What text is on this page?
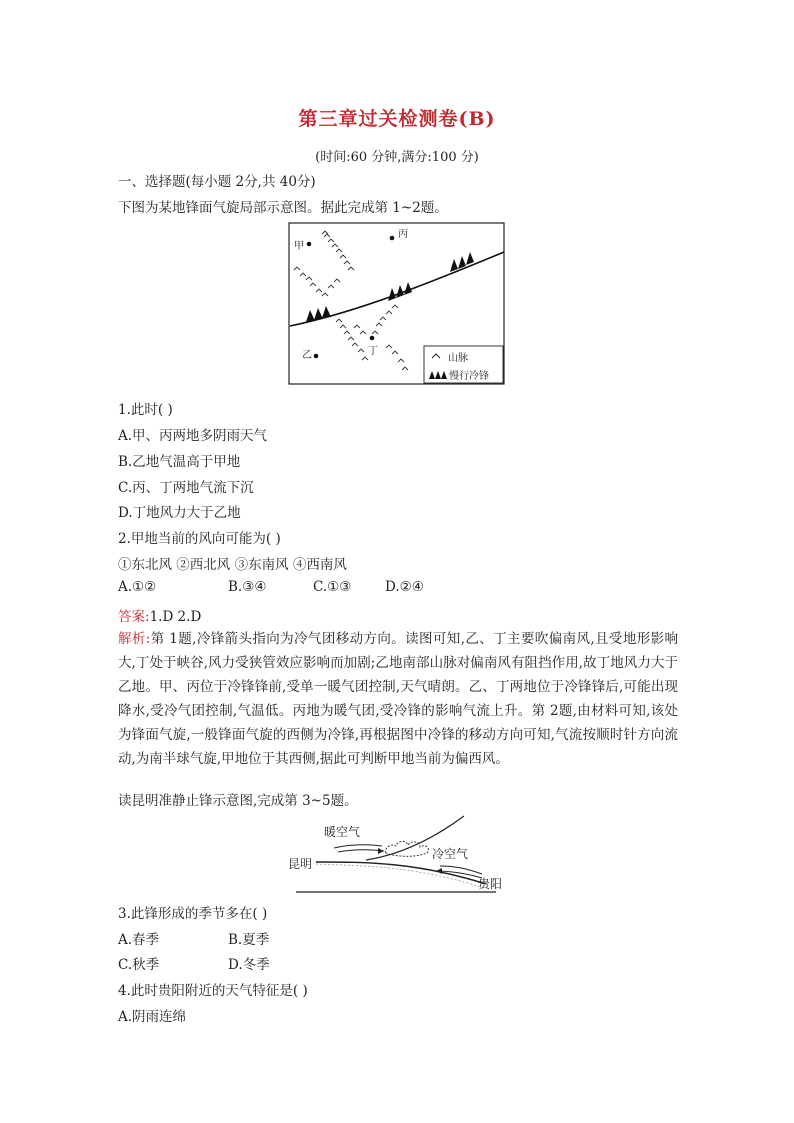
第三章过关检测卷(B)
(时间:60 分钟,满分:100 分)
一、选择题(每小题 2分,共 40分)
下图为某地锋面气旋局部示意图。据此完成第 1~2题。
甲
丙
乙	丁
山脉
慢行冷锋
1.此时( )
A.甲、丙两地多阴雨天气
B.乙地气温高于甲地
C.丙、丁两地气流下沉
D.丁地风力大于乙地
2.甲地当前的风向可能为( )
①东北风 ②西北风 ③东南风 ④西南风
A.①②	B.③④	C.①③ D.②④
答案:1.D 2.D
解析:第 1题,冷锋箭头指向为冷气团移动方向。读图可知,乙、丁主要吹偏南风,且受地形影响大,丁处于峡谷,风力受狭管效应影响而加剧;乙地南部山脉对偏南风有阻挡作用,故丁地风力大于乙地。甲、丙位于冷锋锋前,受单一暖气团控制,天气晴朗。乙、丁两地位于冷锋锋后,可能出现降水,受冷气团控制,气温低。丙地为暖气团,受冷锋的影响气流上升。第 2题,由材料可知,该处为锋面气旋,一般锋面气旋的西侧为冷锋,再根据图中冷锋的移动方向可知,气流按顺时针方向流动,为南半球气旋,甲地位于其西侧,据此可判断甲地当前为偏西风。
读昆明准静止锋示意图,完成第 3~5题。
暖空气
冷空气
昆明
贵阳
3.此锋形成的季节多在( )
A.春季	B.夏季
C.秋季	D.冬季
4.此时贵阳附近的天气特征是( )
A.阴雨连绵
